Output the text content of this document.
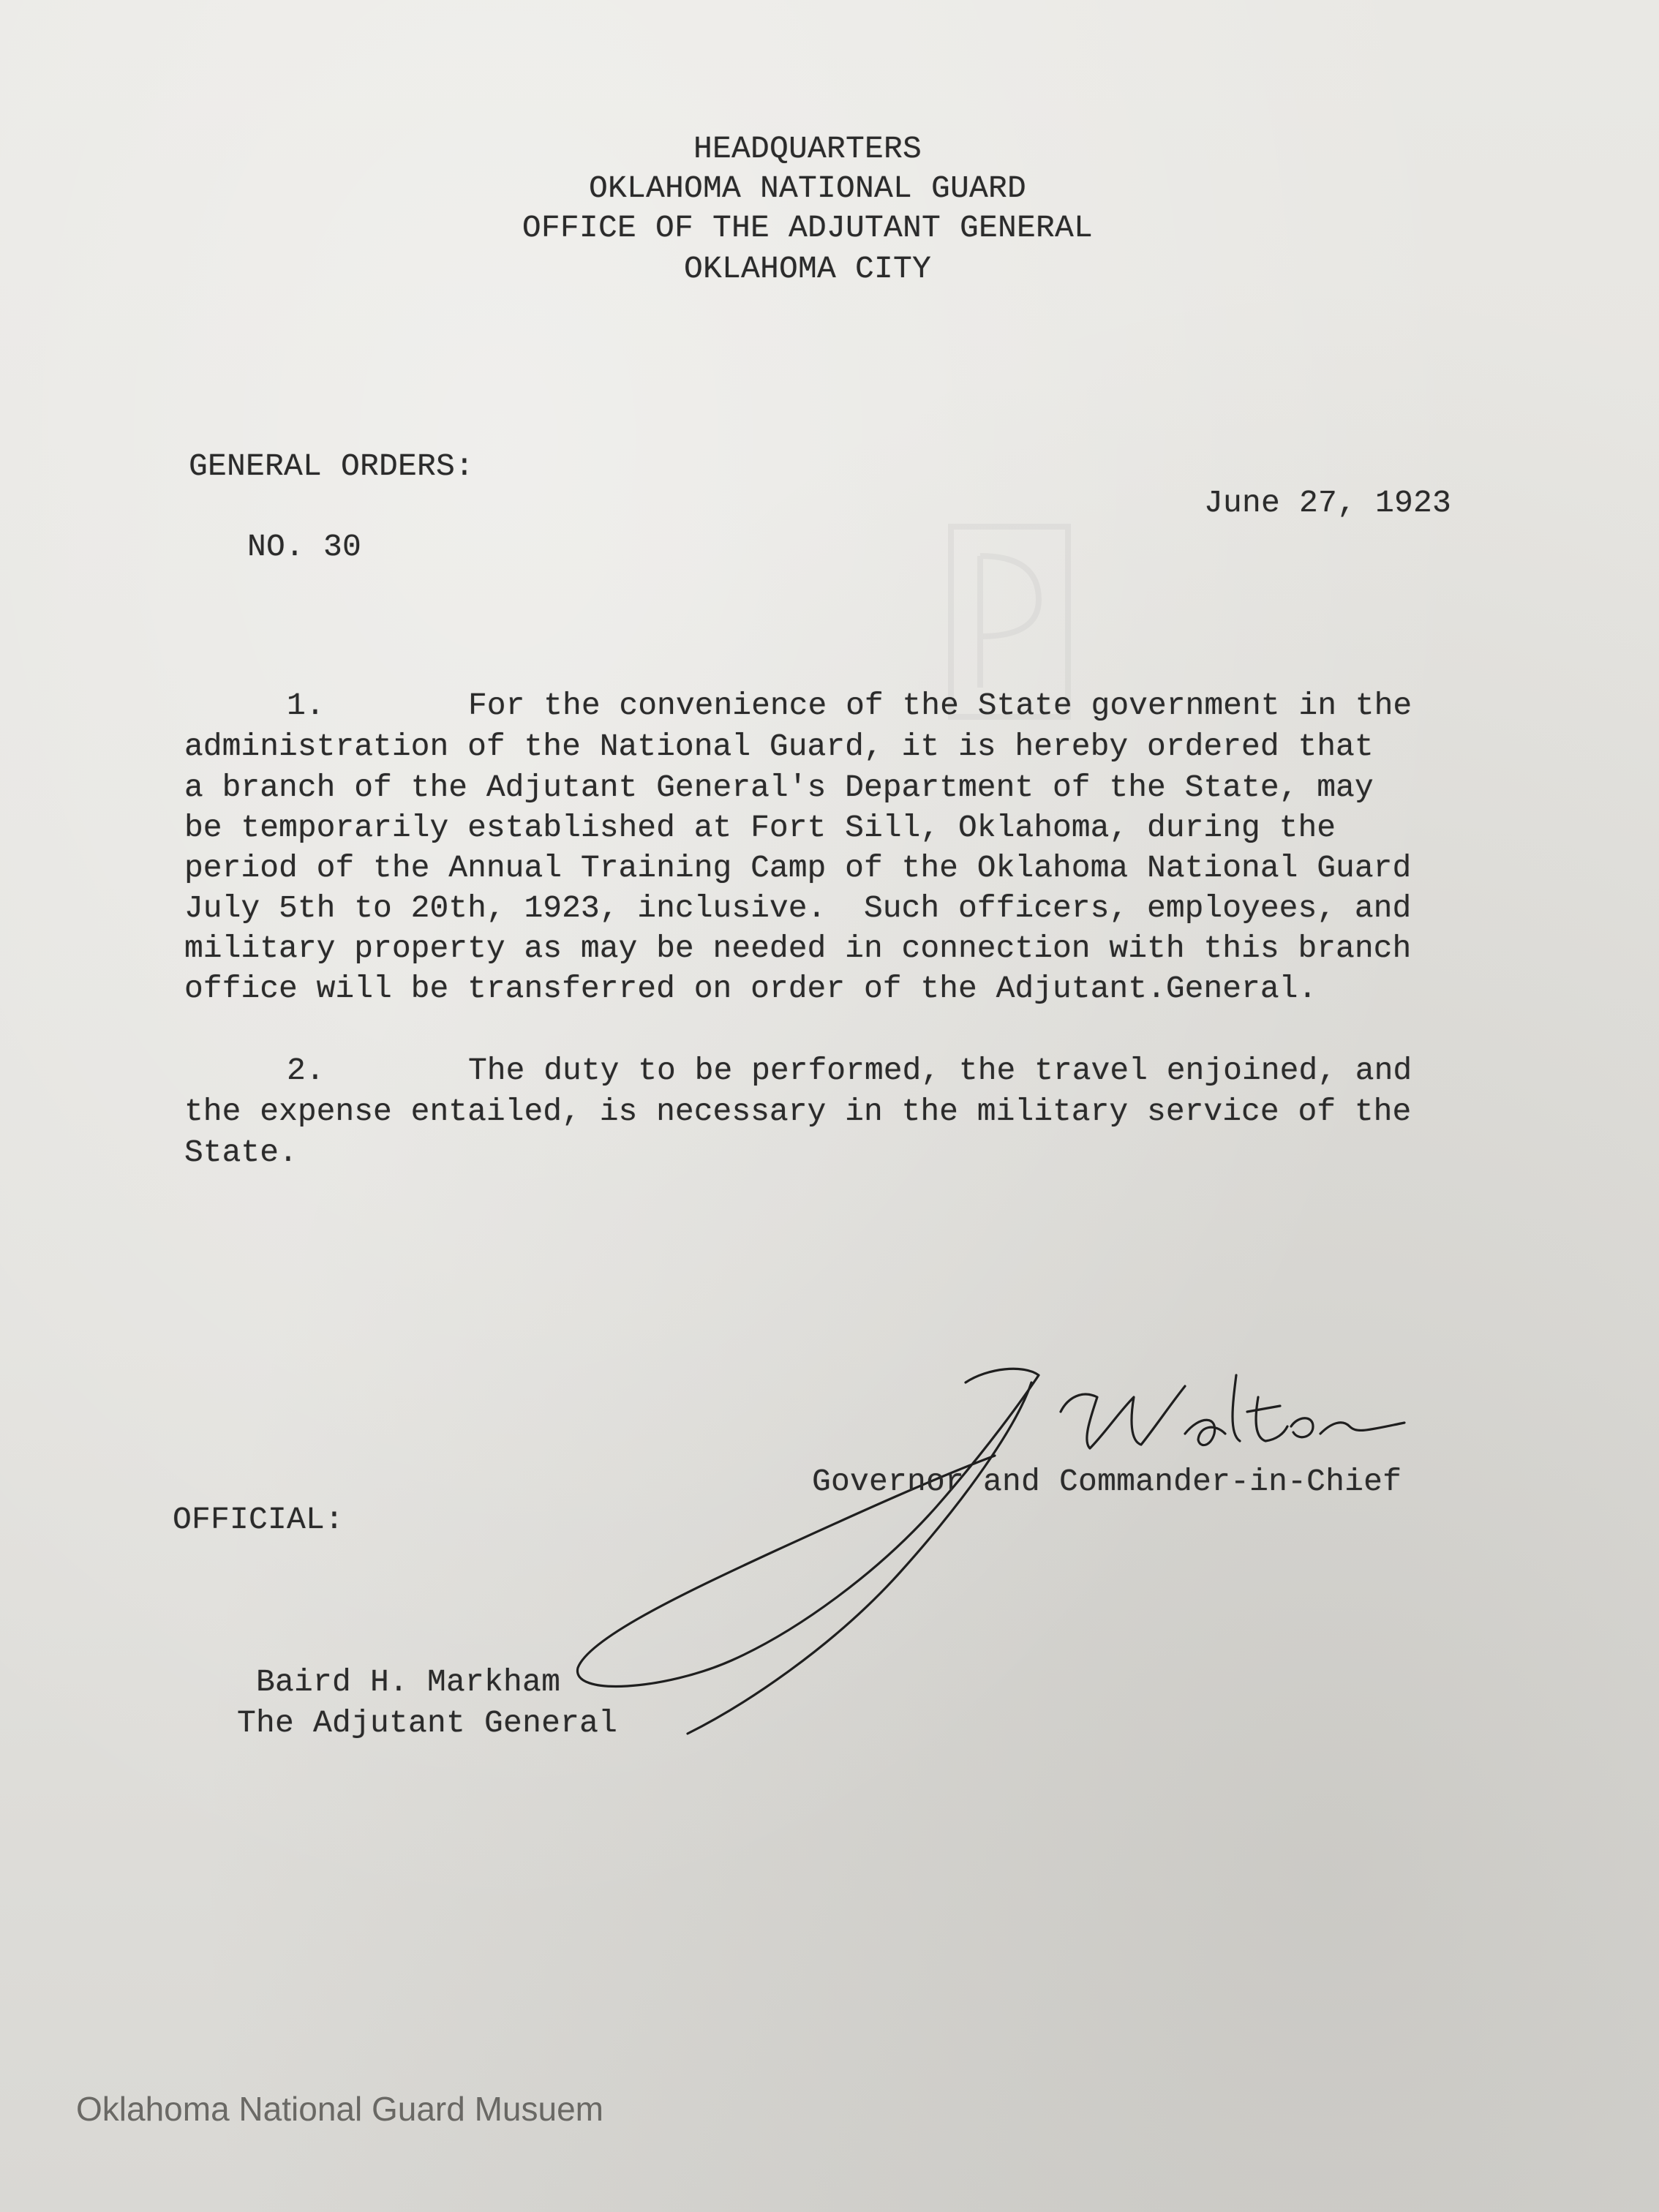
HEADQUARTERS

OKLAHOMA NATIONAL GUARD

OFFICE OF THE ADJUTANT GENERAL

OKLAHOMA CITY

GENERAL ORDERS:
June 27, 1923
NO. 30
1.	For the convenience of the State government in the
administration of the National Guard, it is hereby ordered that
a branch of the Adjutant General's Department of the State, may
be temporarily established at Fort Sill, Oklahoma, during the
period of the Annual Training Camp of the Oklahoma National Guard
July 5th to 20th, 1923, inclusive.  Such officers, employees, and
military property as may be needed in connection with this branch
office will be transferred on order of the Adjutant.General.
2.	The duty to be performed, the travel enjoined, and
the expense entailed, is necessary in the military service of the
State.
Governor and Commander-in-Chief
OFFICIAL:
Baird H. Markham
The Adjutant General
Oklahoma National Guard Musuem
